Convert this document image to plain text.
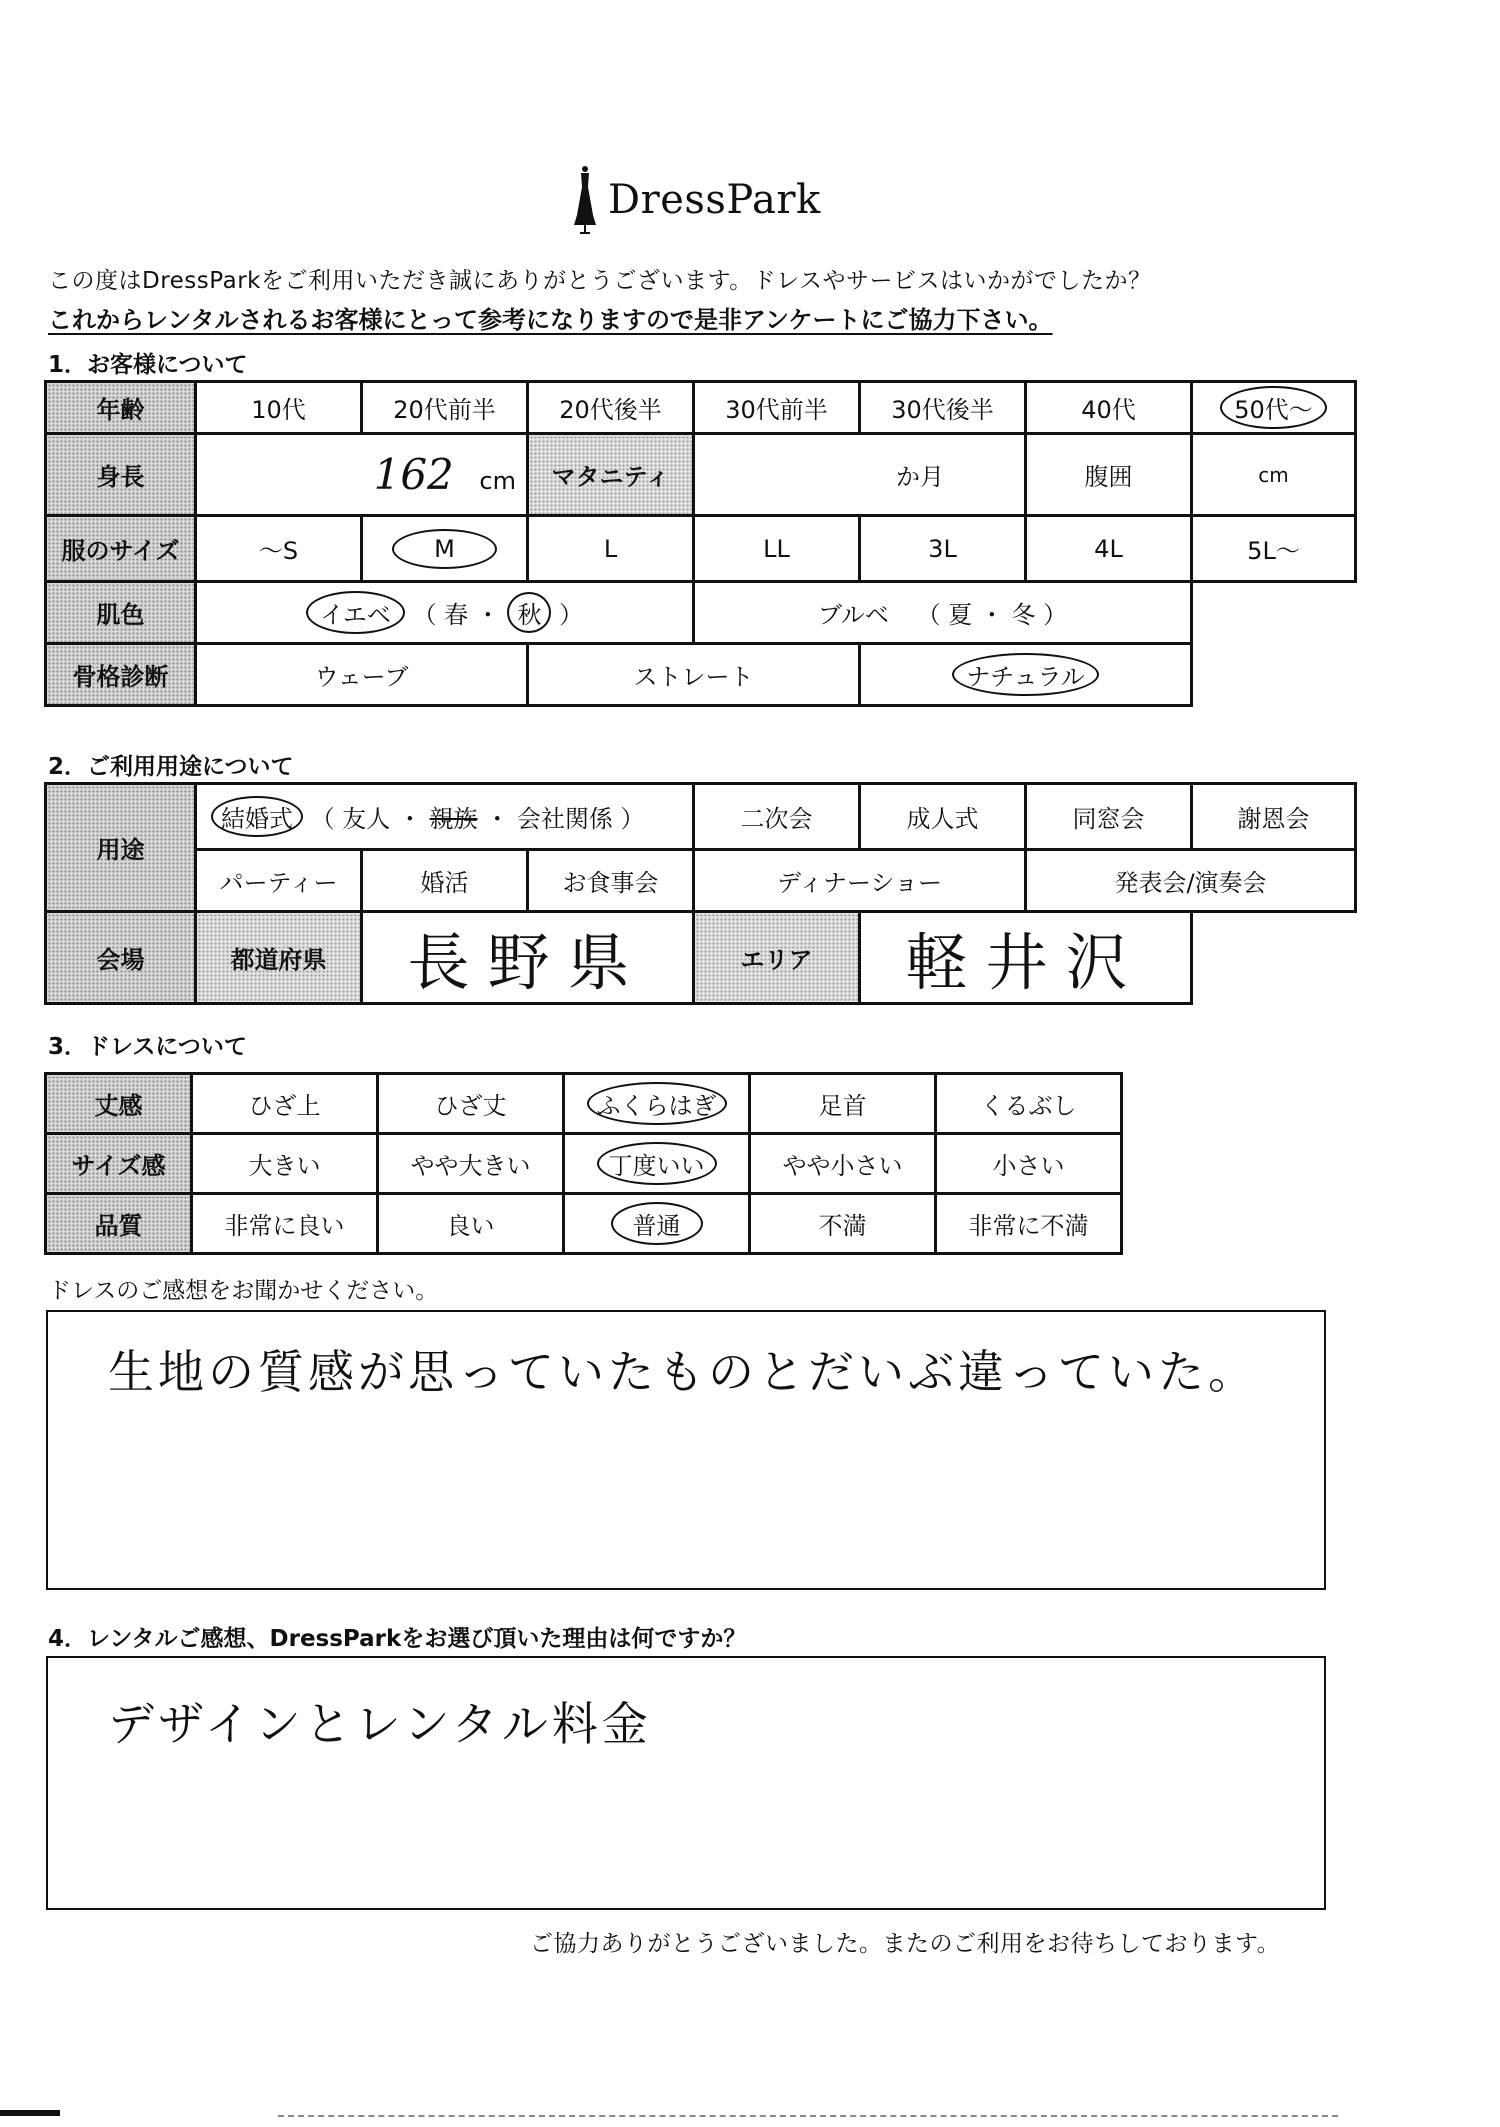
DressPark
この度はDressParkをご利用いただき誠にありがとうございます。ドレスやサービスはいかがでしたか？
これからレンタルされるお客様にとって参考になりますので是非アンケートにご協力下さい。
1．お客様について
年齢	10代	20代前半	20代後半	30代前半	30代後半	40代	50代〜
身長	162 cm		マタニティ	か月		腹囲	cm
服のサイズ	〜S	M	L	LL	3L	4L	5L〜
肌色	イエベ （ 春 ・ 秋 ）			ブルベ （ 夏 ・ 冬 ）			
骨格診断	ウェーブ		ストレート		ナチュラル		
2．ご利用用途について
用途	結婚式 （ 友人 ・ 親族 ・ 会社関係 ）			二次会	成人式	同窓会	謝恩会
	パーティー	婚活	お食事会	ディナーショー		発表会/演奏会	
会場	都道府県	長野県		エリア	軽井沢		
3．ドレスについて
丈感	ひざ上	ひざ丈	ふくらはぎ	足首	くるぶし
サイズ感	大きい	やや大きい	丁度いい	やや小さい	小さい
品質	非常に良い	良い	普通	不満	非常に不満
ドレスのご感想をお聞かせください。
生地の質感が思っていたものとだいぶ違っていた。
4．レンタルご感想、DressParkをお選び頂いた理由は何ですか？
デザインとレンタル料金
ご協力ありがとうございました。またのご利用をお待ちしております。
